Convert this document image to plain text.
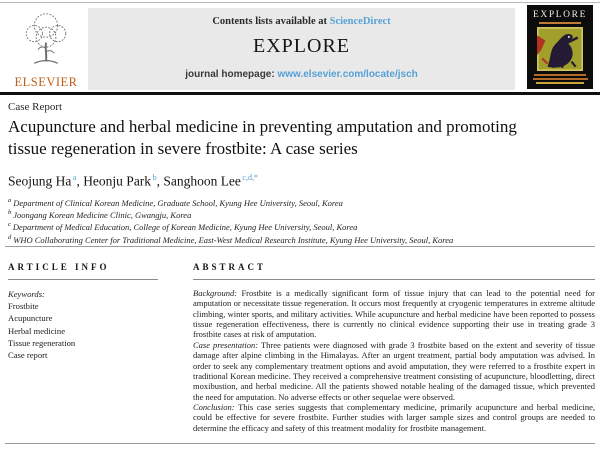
ELSEVIER
Contents lists available at ScienceDirect
EXPLORE
journal homepage: www.elsevier.com/locate/jsch
EXPLORE
Case Report
Acupuncture and herbal medicine in preventing amputation and promoting tissue regeneration in severe frostbite: A case series
Seojung Ha $^a$, Heonju Park $^b$, Sanghoon Lee $^{c,d,*}$
$^a$ Department of Clinical Korean Medicine, Graduate School, Kyung Hee University, Seoul, Korea
$^b$ Joongang Korean Medicine Clinic, Gwangju, Korea
$^c$ Department of Medical Education, College of Korean Medicine, Kyung Hee University, Seoul, Korea
$^d$ WHO Collaborating Center for Traditional Medicine, East-West Medical Research Institute, Kyung Hee University, Seoul, Korea
ARTICLE INFO
Keywords:
Frostbite
Acupuncture
Herbal medicine
Tissue regeneration
Case report
ABSTRACT

Background: Frostbite is a medically significant form of tissue injury that can lead to the potential need for amputation or necessitate tissue regeneration. It occurs most frequently at cryogenic temperatures in extreme altitude climbing, winter sports, and military activities. While acupuncture and herbal medicine have been reported to possess tissue regeneration effectiveness, there is currently no clinical evidence supporting their use in treating grade 3 frostbite cases at risk of amputation.

Case presentation: Three patients were diagnosed with grade 3 frostbite based on the extent and severity of tissue damage after alpine climbing in the Himalayas. After an urgent treatment, partial body amputation was advised. In order to seek any complementary treatment options and avoid amputation, they were referred to a frostbite expert in traditional Korean medicine. They received a comprehensive treatment consisting of acupuncture, bloodletting, direct moxibustion, and herbal medicine. All the patients showed notable healing of the damaged tissue, which prevented the need for amputation. No adverse effects or other sequelae were observed.

Conclusion: This case series suggests that complementary medicine, primarily acupuncture and herbal medicine, could be effective for severe frostbite. Further studies with larger sample sizes and control groups are needed to determine the efficacy and safety of this treatment modality for frostbite management.
